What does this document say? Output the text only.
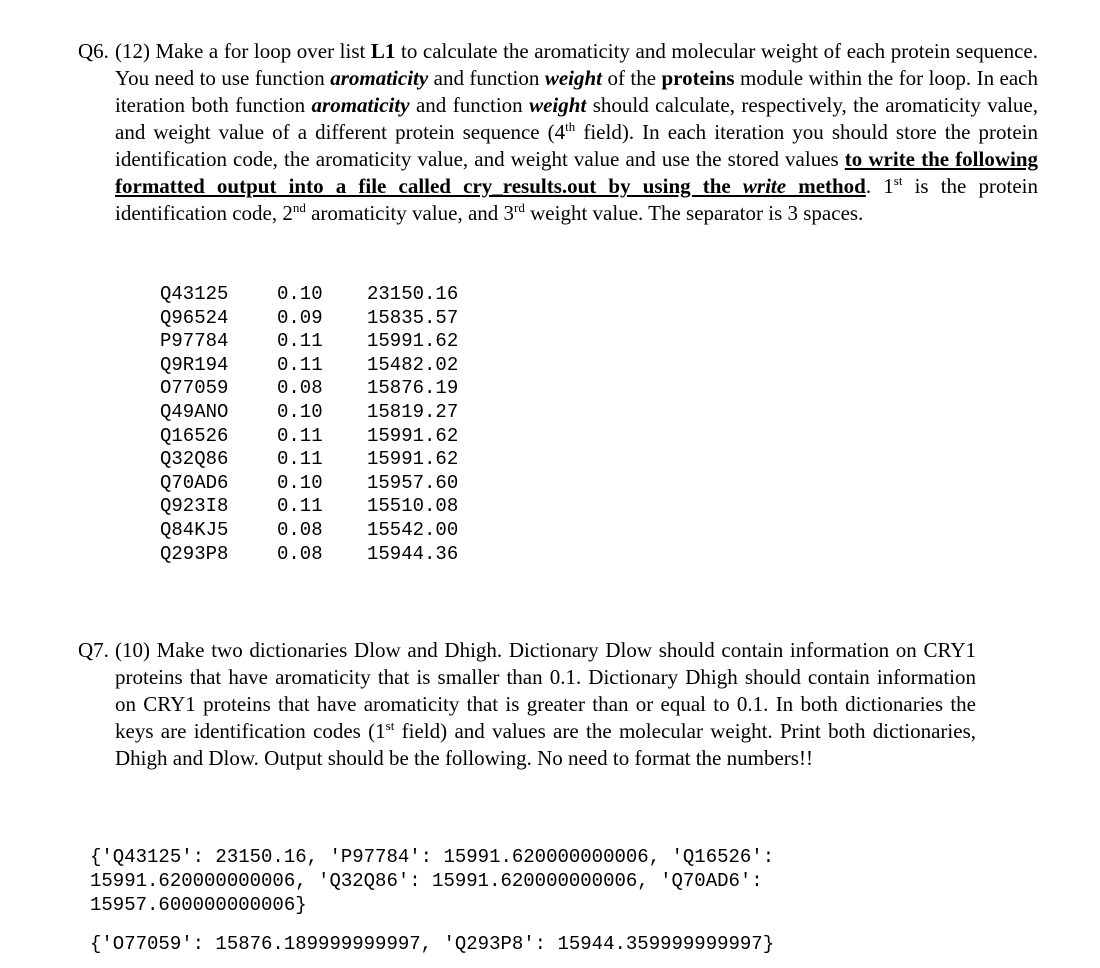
Q6. (12) Make a for loop over list L1 to calculate the aromaticity and molecular weight of each protein sequence. You need to use function aromaticity and function weight of the proteins module within the for loop. In each iteration both function aromaticity and function weight should calculate, respectively, the aromaticity value, and weight value of a different protein sequence (4th field). In each iteration you should store the protein identification code, the aromaticity value, and weight value and use the stored values to write the following formatted output into a file called cry_results.out by using the write method. 1st is the protein identification code, 2nd aromaticity value, and 3rd weight value. The separator is 3 spaces.

Q43125	0.10	23150.16
Q96524	0.09	15835.57
P97784	0.11	15991.62
Q9R194	0.11	15482.02
O77059	0.08	15876.19
Q49ANO	0.10	15819.27
Q16526	0.11	15991.62
Q32Q86	0.11	15991.62
Q70AD6	0.10	15957.60
Q923I8	0.11	15510.08
Q84KJ5	0.08	15542.00
Q293P8	0.08	15944.36
Q7. (10) Make two dictionaries Dlow and Dhigh. Dictionary Dlow should contain information on CRY1 proteins that have aromaticity that is smaller than 0.1. Dictionary Dhigh should contain information on CRY1 proteins that have aromaticity that is greater than or equal to 0.1. In both dictionaries the keys are identification codes (1st field) and values are the molecular weight. Print both dictionaries, Dhigh and Dlow. Output should be the following. No need to format the numbers!!

{'Q43125': 23150.16, 'P97784': 15991.620000000006, 'Q16526':
15991.620000000006, 'Q32Q86': 15991.620000000006, 'Q70AD6':
15957.600000000006}
{'O77059': 15876.189999999997, 'Q293P8': 15944.359999999997}
